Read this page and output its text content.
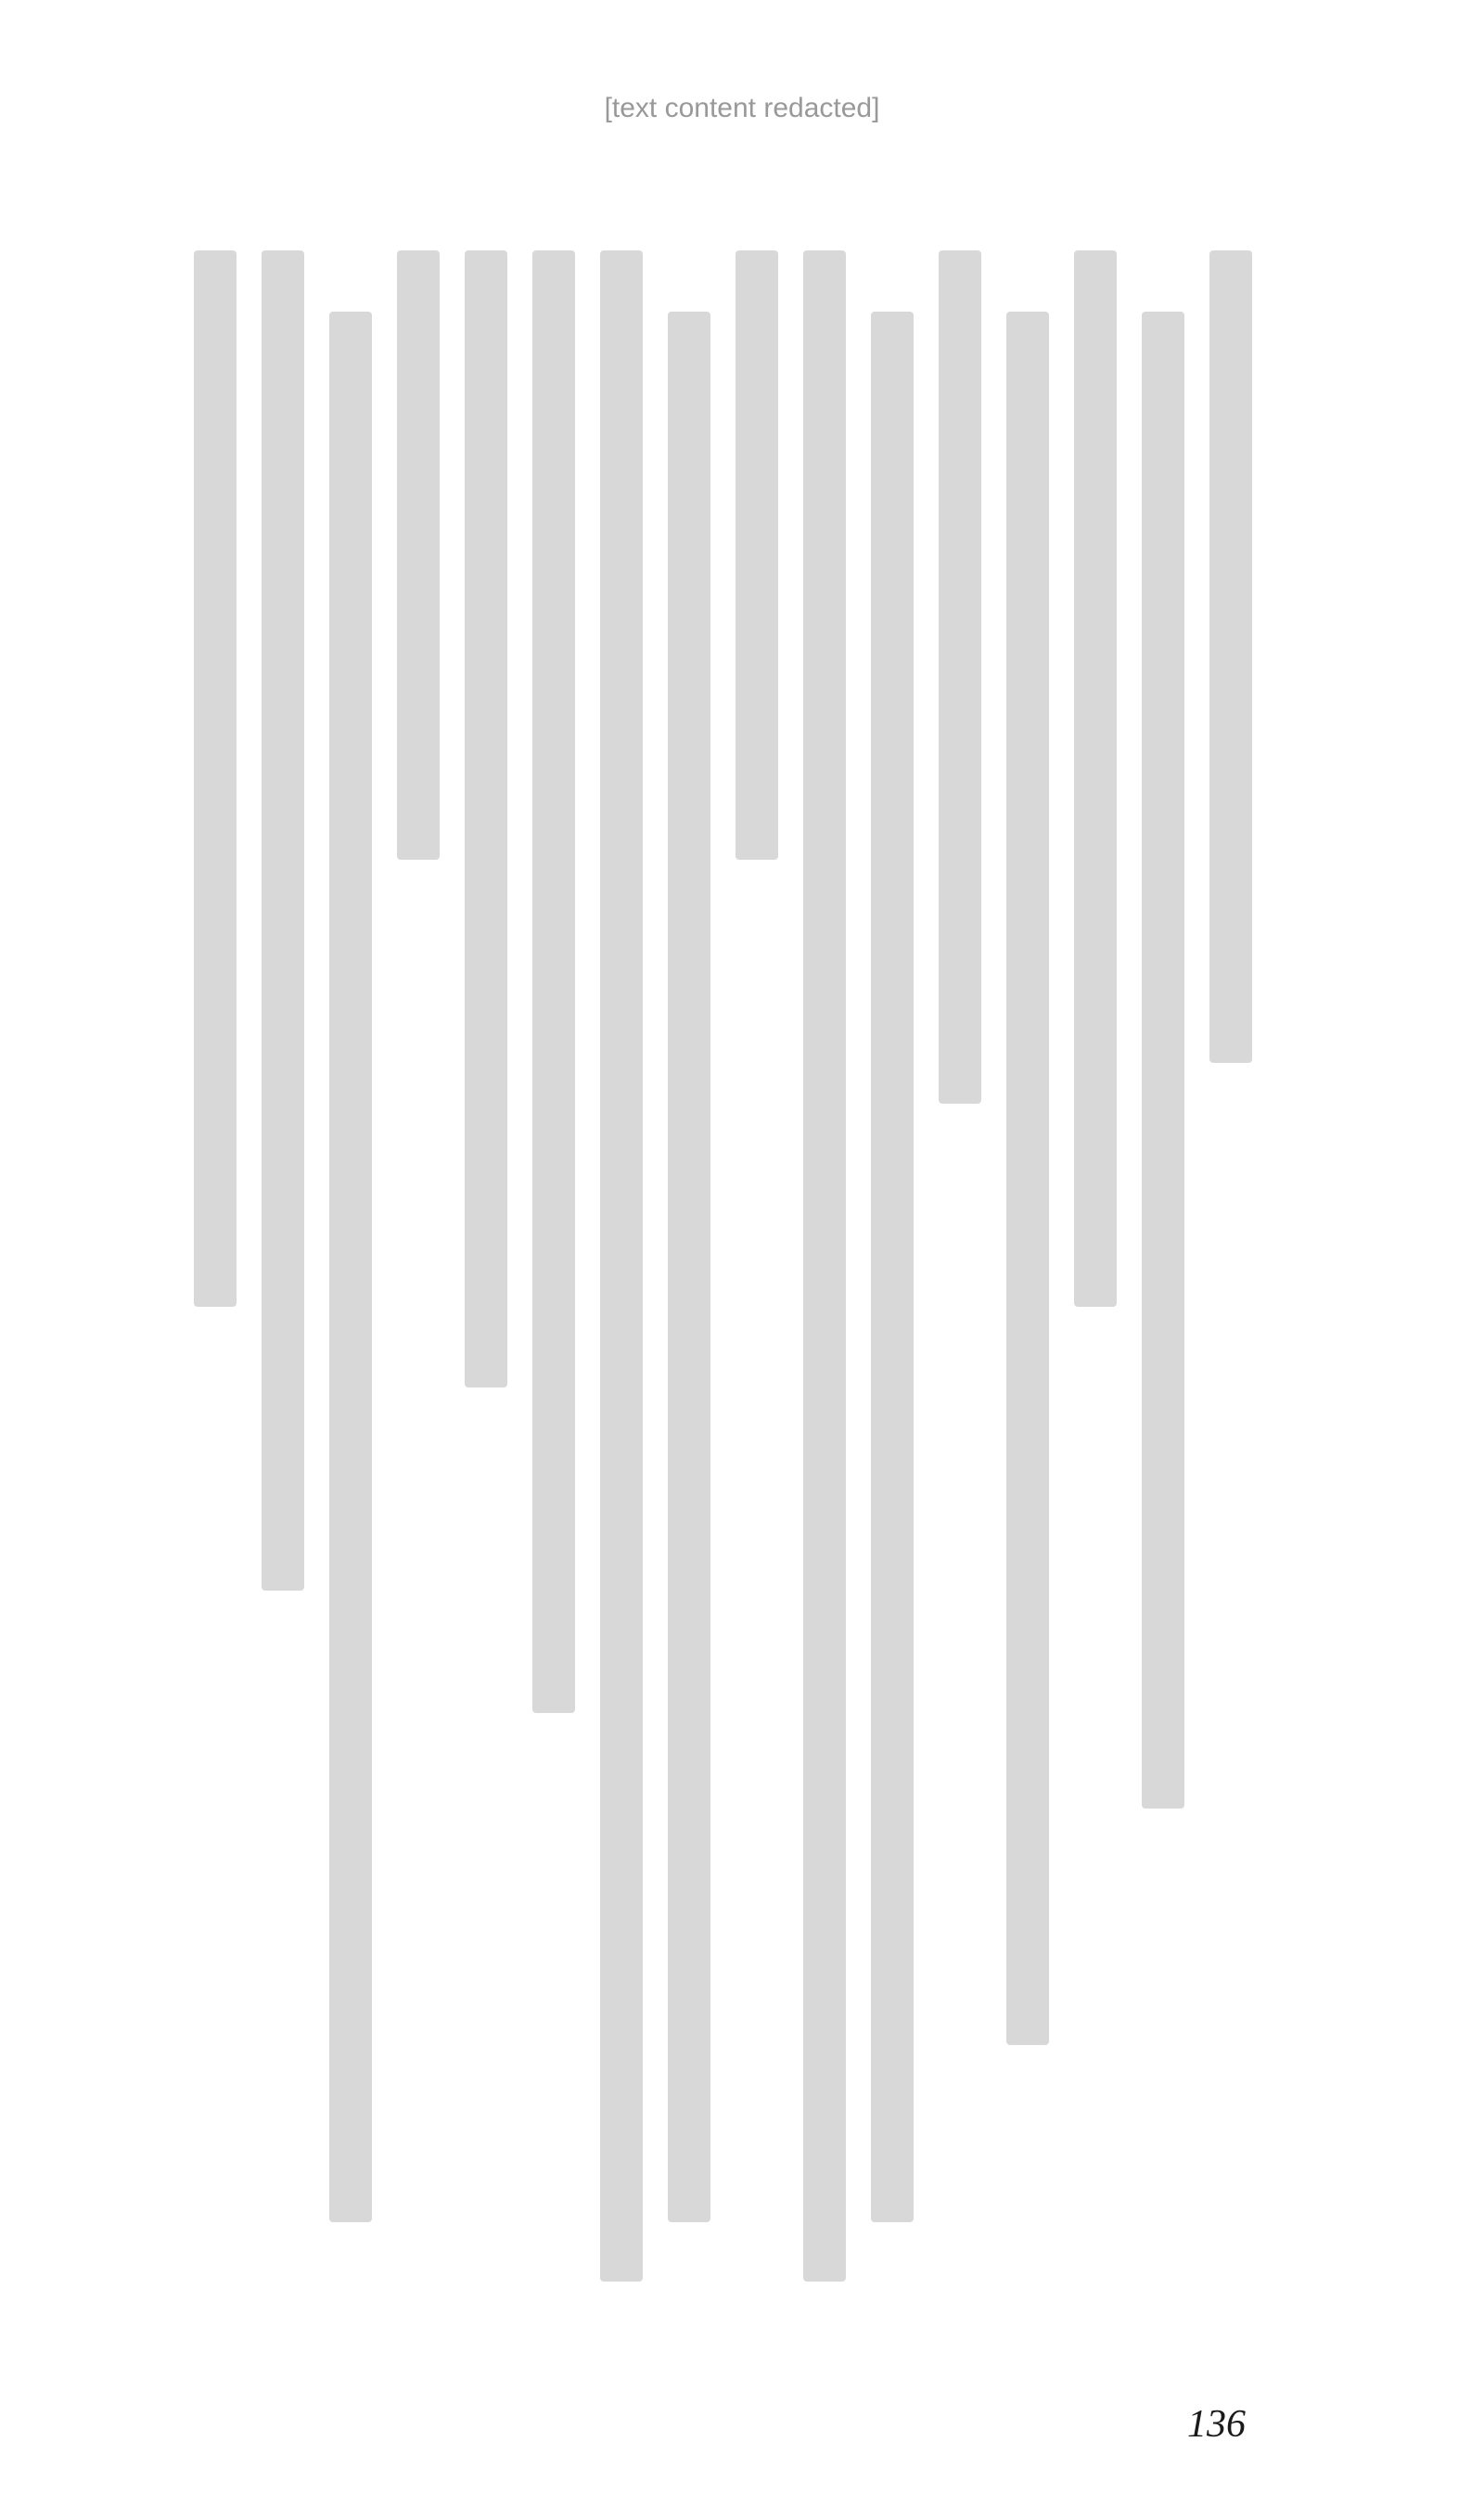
[text content redacted]
136
